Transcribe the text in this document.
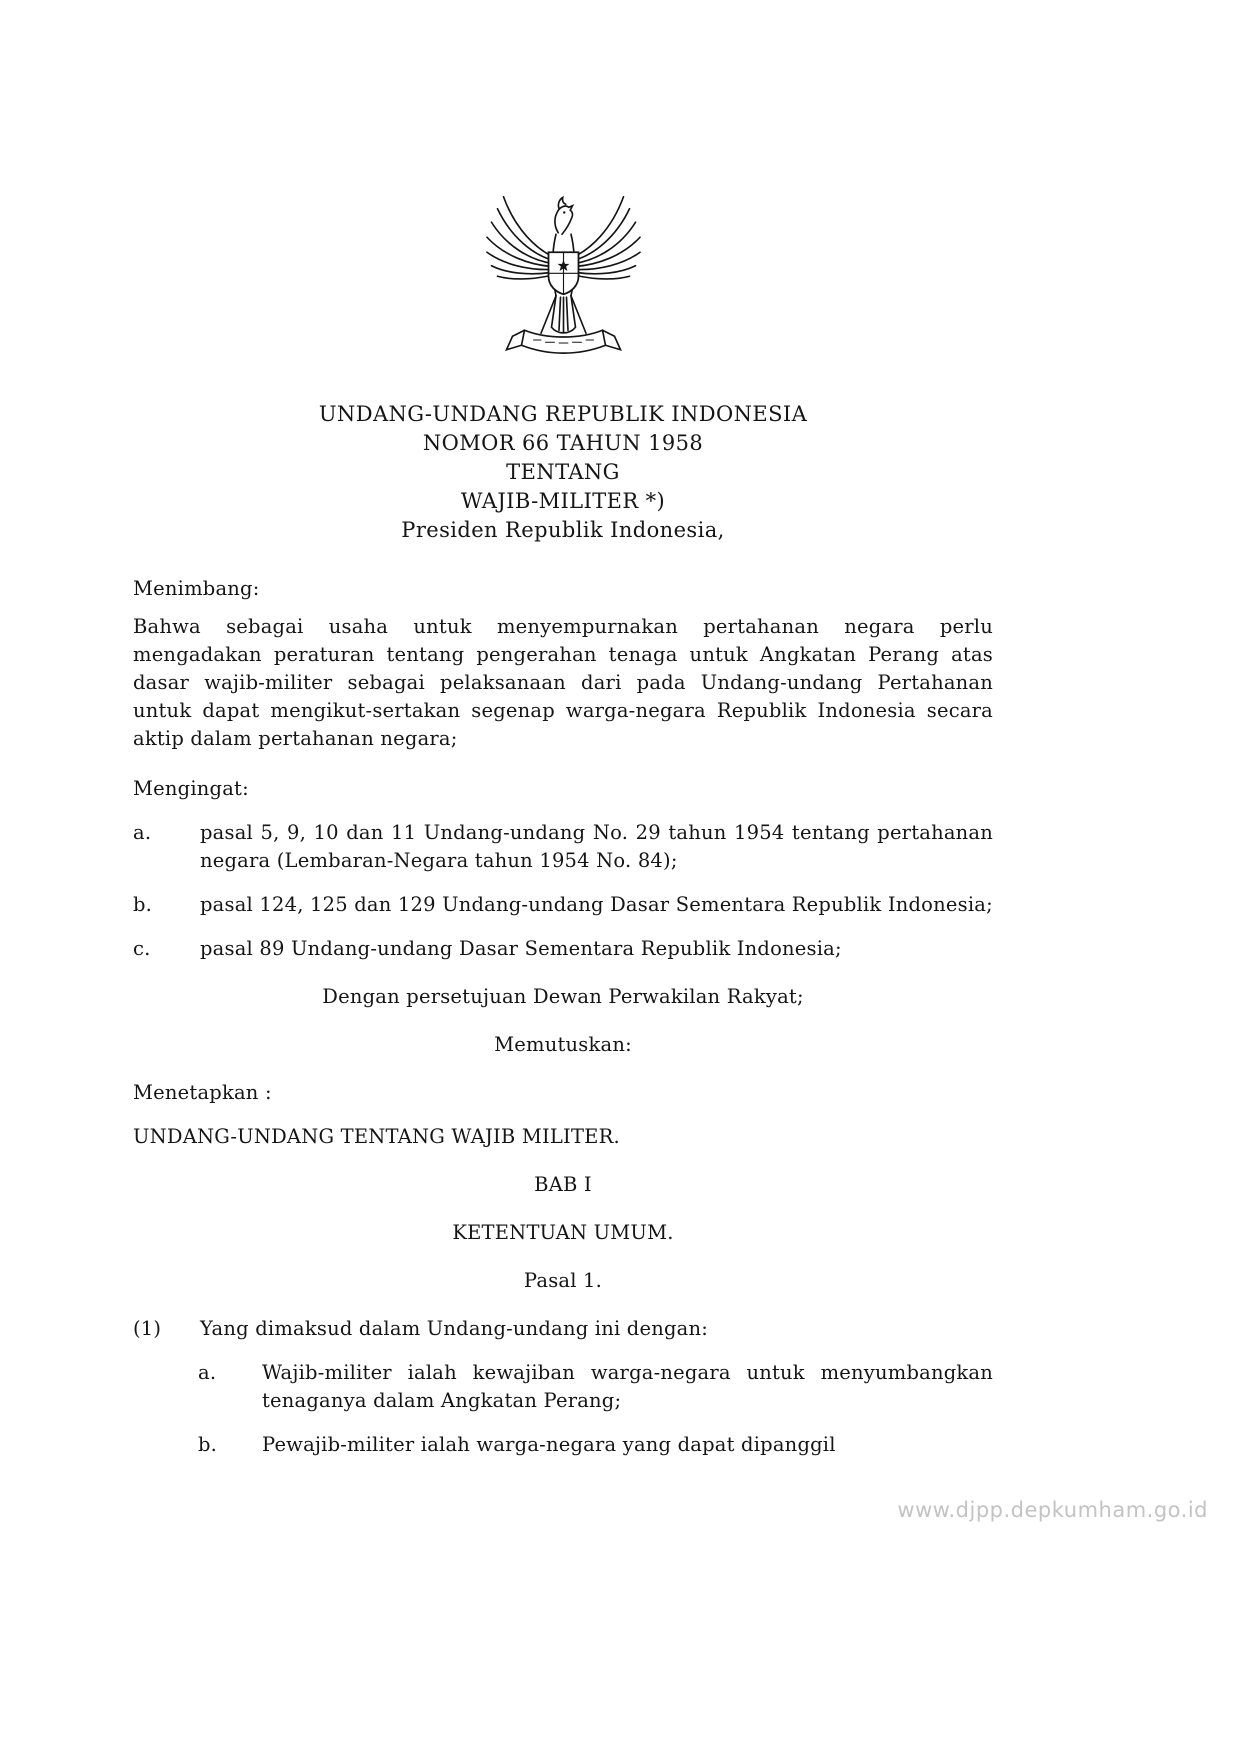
UNDANG-UNDANG REPUBLIK INDONESIA
NOMOR 66 TAHUN 1958
TENTANG
WAJIB-MILITER *)
Presiden Republik Indonesia,
Menimbang:
Bahwa sebagai usaha untuk menyempurnakan pertahanan negara perlu mengadakan peraturan tentang pengerahan tenaga untuk Angkatan Perang atas dasar wajib-militer sebagai pelaksanaan dari pada Undang-undang Pertahanan untuk dapat mengikut-sertakan segenap warga-negara Republik Indonesia secara aktip dalam pertahanan negara;
Mengingat:
a.	pasal 5, 9, 10 dan 11 Undang-undang No. 29 tahun 1954 tentang pertahanan negara (Lembaran-Negara tahun 1954 No. 84);
b.	pasal 124, 125 dan 129 Undang-undang Dasar Sementara Republik Indonesia;
c.	pasal 89 Undang-undang Dasar Sementara Republik Indonesia;
Dengan persetujuan Dewan Perwakilan Rakyat;
Memutuskan:
Menetapkan :
UNDANG-UNDANG TENTANG WAJIB MILITER.
BAB I
KETENTUAN UMUM.
Pasal 1.
(1)	Yang dimaksud dalam Undang-undang ini dengan:
a.	Wajib-militer ialah kewajiban warga-negara untuk menyumbangkan tenaganya dalam Angkatan Perang;
b.	Pewajib-militer ialah warga-negara yang dapat dipanggil
www.djpp.depkumham.go.id
